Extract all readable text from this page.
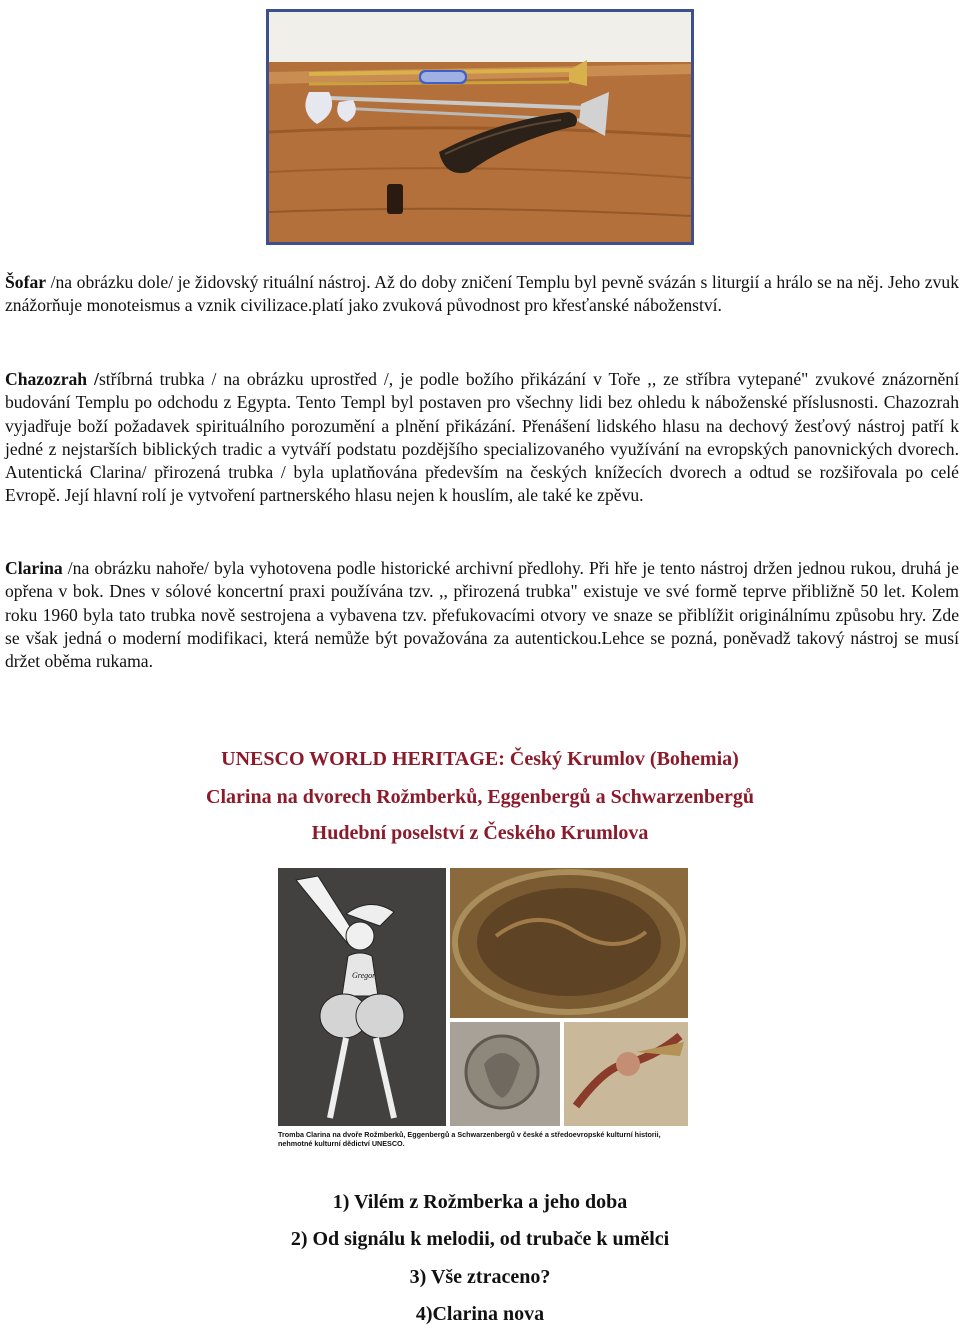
Šofar /na obrázku dole/ je židovský rituální nástroj. Až do doby zničení Templu byl pevně svázán s liturgií a hrálo se na něj. Jeho zvuk znážorňuje monoteismus a vznik civilizace.platí jako zvuková původnost pro křesťanské náboženství.

Chazozrah /stříbrná trubka / na obrázku uprostřed /, je podle božího přikázání v Toře ,, ze stříbra vytepané" zvukové znázornění budování Templu po odchodu z Egypta. Tento Templ byl postaven pro všechny lidi bez ohledu k náboženské příslusnosti. Chazozrah vyjadřuje boží požadavek spirituálního porozumění a plnění přikázání. Přenášení lidského hlasu na dechový žesťový nástroj patří k jedné z nejstarších biblických tradic a vytváří podstatu pozdějšího specializovaného využívání na evropských panovnických dvorech. Autentická Clarina/ přirozená trubka / byla uplatňována především na českých knížecích dvorech a odtud se rozšiřovala po celé Evropě. Její hlavní rolí je vytvoření partnerského hlasu nejen k houslím, ale také ke zpěvu.

Clarina /na obrázku nahoře/ byla vyhotovena podle historické archivní předlohy. Při hře je tento nástroj držen jednou rukou, druhá je opřena v bok. Dnes v sólové koncertní praxi používána tzv. ,, přirozená trubka" existuje ve své formě teprve přibližně 50 let. Kolem roku 1960 byla tato trubka nově sestrojena a vybavena tzv. přefukovacími otvory ve snaze se přiblížit originálnímu způsobu hry. Zde se však jedná o moderní modifikaci, která nemůže být považována za autentickou.Lehce se pozná, poněvadž takový nástroj se musí držet oběma rukama.

UNESCO WORLD HERITAGE: Český Krumlov (Bohemia)
Clarina na dvorech Rožmberků, Eggenbergů a Schwarzenbergů
Hudební poselství z Českého Krumlova
Gregor
Tromba Clarina na dvoře Rožmberků, Eggenbergů a Schwarzenbergů v české a středoevropské kulturní historii, nehmotné kulturní dědictví UNESCO.
1) Vilém z Rožmberka a jeho doba
2) Od signálu k melodii, od trubače k umělci
3) Vše ztraceno?
4)Clarina nova
